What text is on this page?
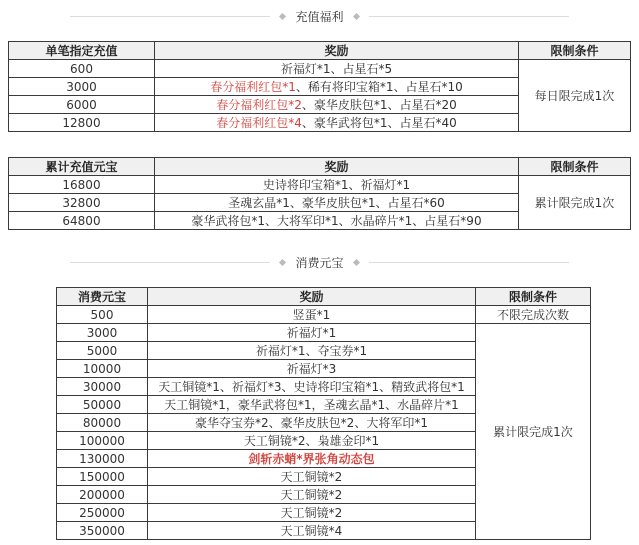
充值福利
单笔指定充值	奖励	限制条件
600	祈福灯*1、占星石*5	每日限完成1次
3000	春分福利红包*1、稀有将印宝箱*1、占星石*10	
6000	春分福利红包*2、豪华皮肤包*1、占星石*20	
12800	春分福利红包*4、豪华武将包*1、占星石*40	
累计充值元宝	奖励	限制条件
16800	史诗将印宝箱*1、祈福灯*1	累计限完成1次
32800	圣魂玄晶*1、豪华皮肤包*1、占星石*60	
64800	豪华武将包*1、大将军印*1、水晶碎片*1、占星石*90	
消费元宝
消费元宝	奖励	限制条件
500	竖蛋*1	不限完成次数
3000	祈福灯*1	累计限完成1次
5000	祈福灯*1、夺宝券*1	
10000	祈福灯*3	
30000	天工铜镜*1、祈福灯*3、史诗将印宝箱*1、精致武将包*1	
50000	天工铜镜*1，豪华武将包*1，圣魂玄晶*1、水晶碎片*1	
80000	豪华夺宝券*2、豪华皮肤包*2、大将军印*1	
100000	天工铜镜*2、枭雄金印*1	
130000	剑斩赤蛸*界张角动态包	
150000	天工铜镜*2	
200000	天工铜镜*2	
250000	天工铜镜*2	
350000	天工铜镜*4	
